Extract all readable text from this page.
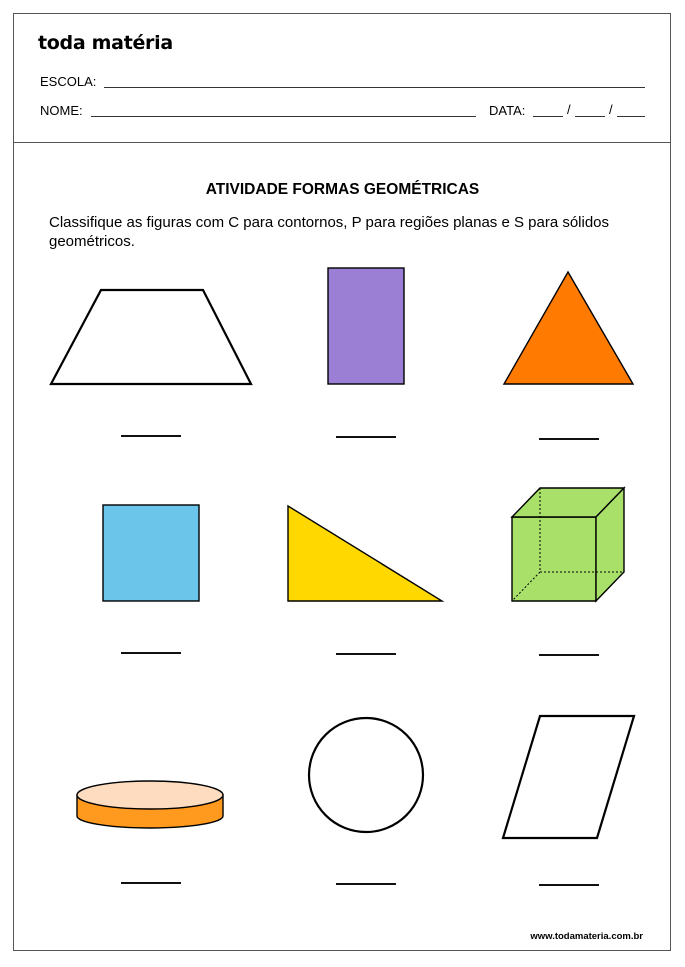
toda matéria
ESCOLA:
NOME:	DATA:	/	/
ATIVIDADE FORMAS GEOMÉTRICAS
Classifique as figuras com C para contornos, P para regiões planas e S para sólidos geométricos.
www.todamateria.com.br
